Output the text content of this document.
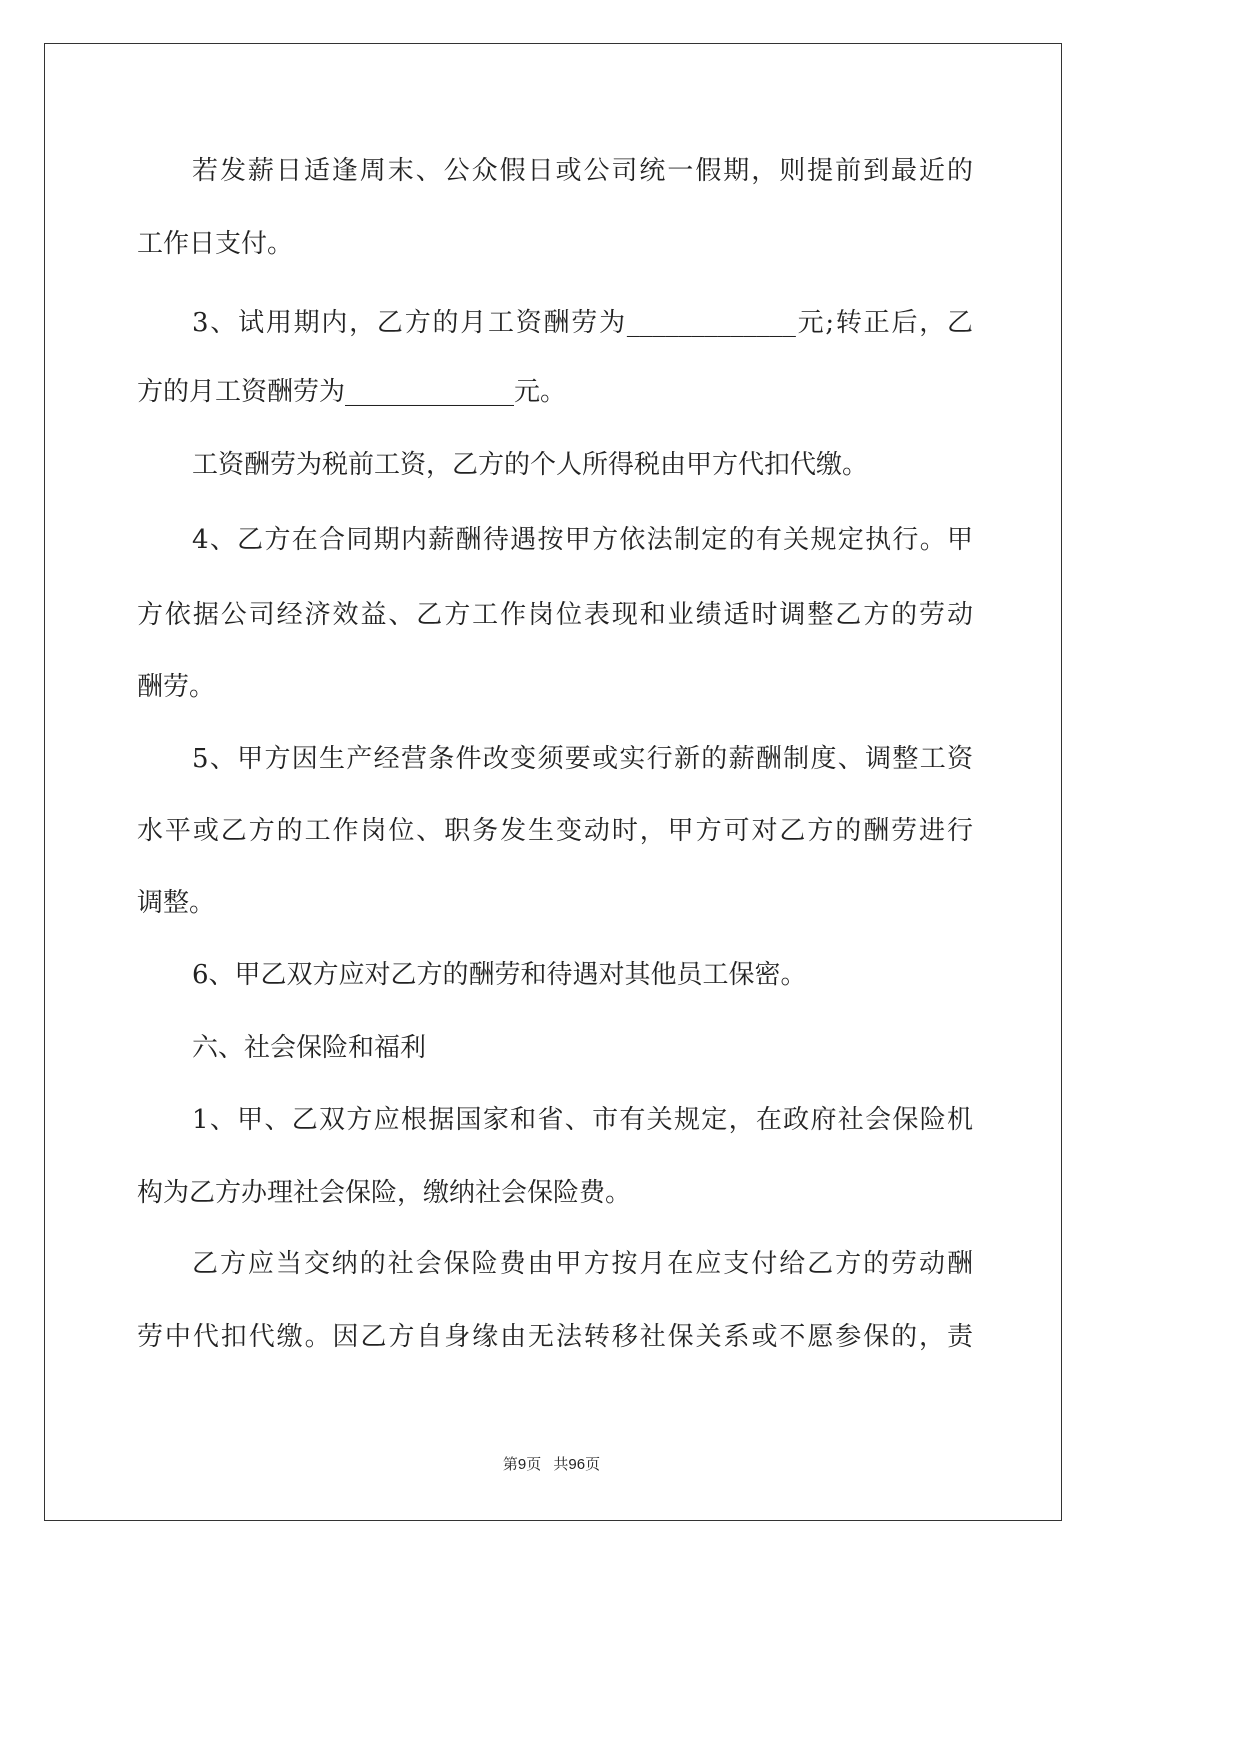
若发薪日适逢周末、公众假日或公司统一假期，则提前到最近的
工作日支付。
3、试用期内，乙方的月工资酬劳为_____________元;转正后，乙
方的月工资酬劳为_____________元。
工资酬劳为税前工资，乙方的个人所得税由甲方代扣代缴。
4、乙方在合同期内薪酬待遇按甲方依法制定的有关规定执行。甲
方依据公司经济效益、乙方工作岗位表现和业绩适时调整乙方的劳动
酬劳。
5、甲方因生产经营条件改变须要或实行新的薪酬制度、调整工资
水平或乙方的工作岗位、职务发生变动时，甲方可对乙方的酬劳进行
调整。
6、甲乙双方应对乙方的酬劳和待遇对其他员工保密。
六、社会保险和福利
1、甲、乙双方应根据国家和省、市有关规定，在政府社会保险机
构为乙方办理社会保险，缴纳社会保险费。
乙方应当交纳的社会保险费由甲方按月在应支付给乙方的劳动酬
劳中代扣代缴。因乙方自身缘由无法转移社保关系或不愿参保的，责
第9页 共96页
